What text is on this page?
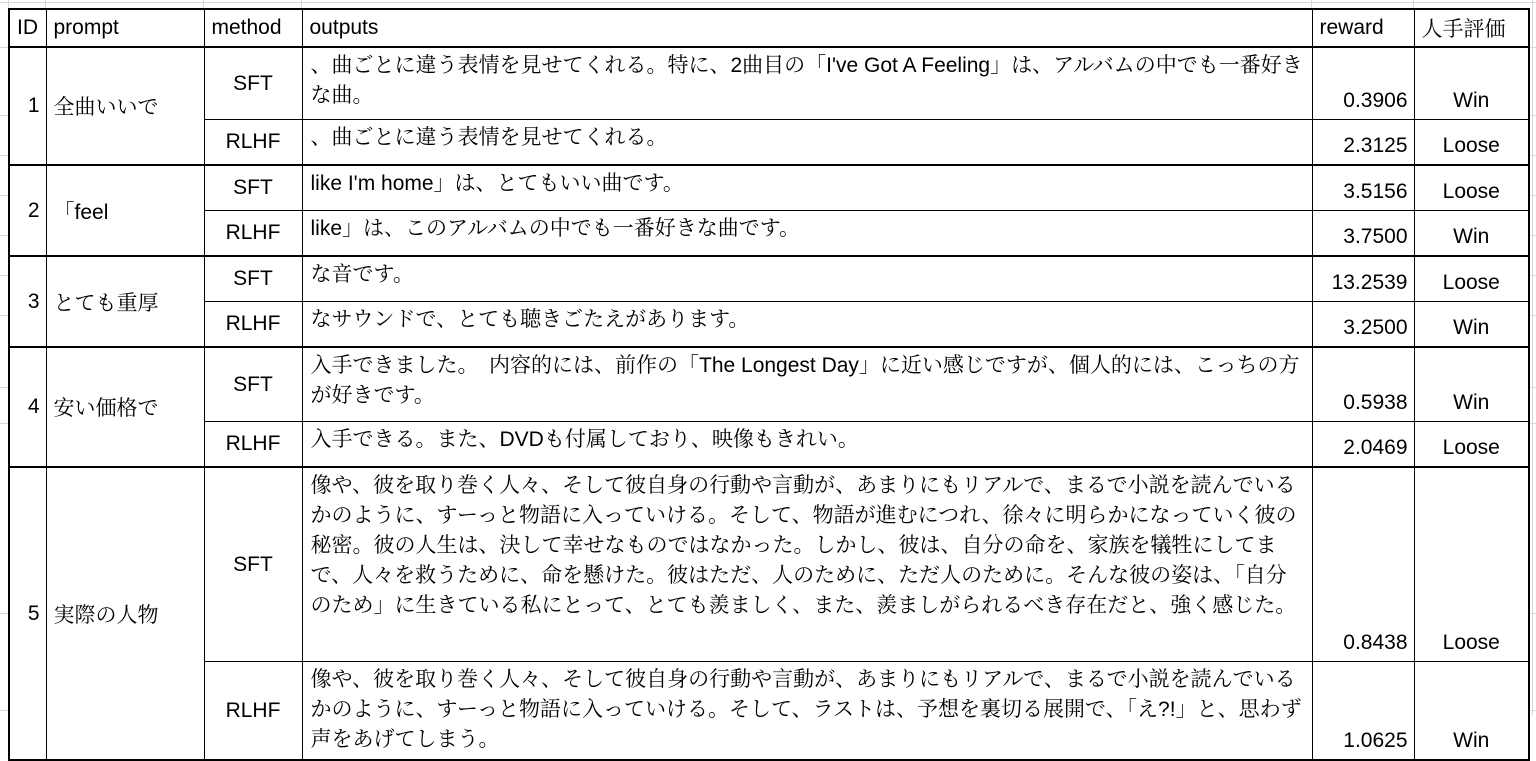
ID	prompt	method	outputs	reward	人手評価
1	全曲いいで	SFT	、曲ごとに違う表情を見せてくれる。特に、2曲目の「I've Got A Feeling」は、アルバムの中でも一番好きな曲。	0.3906	Win
		RLHF	、曲ごとに違う表情を見せてくれる。	2.3125	Loose
2	「feel	SFT	like I'm home」は、とてもいい曲です。	3.5156	Loose
		RLHF	like」は、このアルバムの中でも一番好きな曲です。	3.7500	Win
3	とても重厚	SFT	な音です。	13.2539	Loose
		RLHF	なサウンドで、とても聴きごたえがあります。	3.2500	Win
4	安い価格で	SFT	入手できました。　内容的には、前作の「The Longest Day」に近い感じですが、個人的には、こっちの方が好きです。	0.5938	Win
		RLHF	入手できる。また、DVDも付属しており、映像もきれい。	2.0469	Loose
5	実際の人物	SFT	像や、彼を取り巻く人々、そして彼自身の行動や言動が、あまりにもリアルで、まるで小説を読んでいるかのように、すーっと物語に入っていける。そして、物語が進むにつれ、徐々に明らかになっていく彼の秘密。彼の人生は、決して幸せなものではなかった。しかし、彼は、自分の命を、家族を犠牲にしてまで、人々を救うために、命を懸けた。彼はただ、人のために、ただ人のために。そんな彼の姿は、「自分のため」に生きている私にとって、とても羨ましく、また、羨ましがられるべき存在だと、強く感じた。	0.8438	Loose
		RLHF	像や、彼を取り巻く人々、そして彼自身の行動や言動が、あまりにもリアルで、まるで小説を読んでいるかのように、すーっと物語に入っていける。そして、ラストは、予想を裏切る展開で、「え?!」と、思わず声をあげてしまう。	1.0625	Win
